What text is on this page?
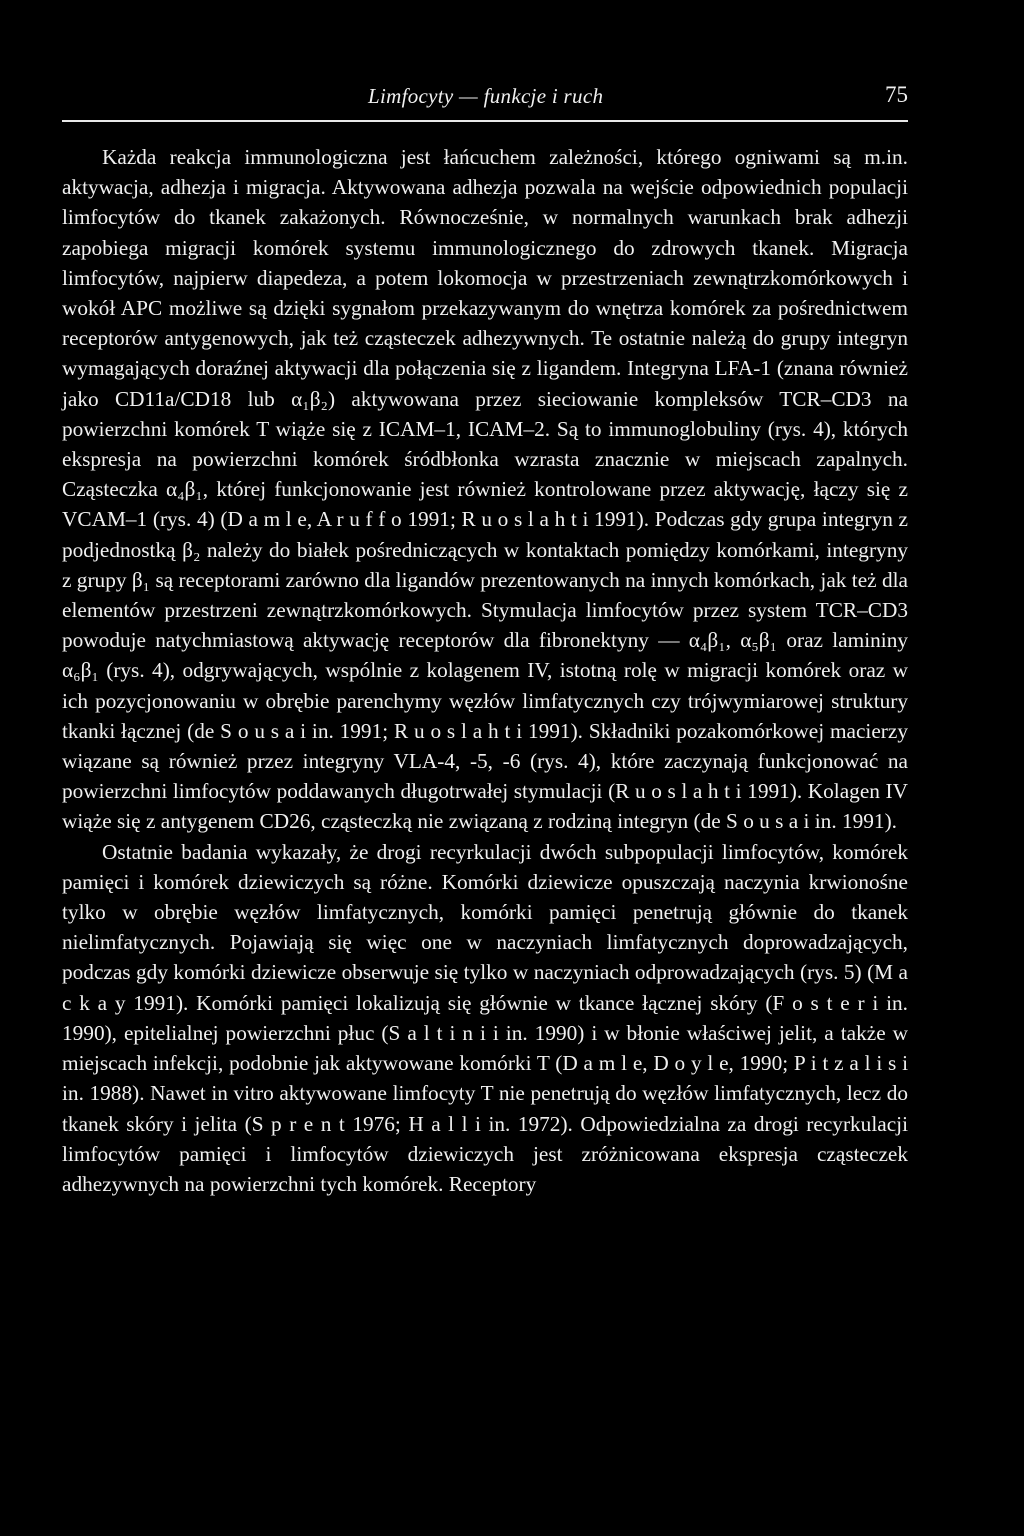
Limfocyty — funkcje i ruch	75

Każda reakcja immunologiczna jest łańcuchem zależności, którego ogniwami są m.in. aktywacja, adhezja i migracja. Aktywowana adhezja pozwala na wejście odpowiednich populacji limfocytów do tkanek zakażonych. Równocześnie, w normalnych warunkach brak adhezji zapobiega migracji komórek systemu immunologicznego do zdrowych tkanek. Migracja limfocytów, najpierw diapedeza, a potem lokomocja w przestrzeniach zewnątrzkomórkowych i wokół APC możliwe są dzięki sygnałom przekazywanym do wnętrza komórek za pośrednictwem receptorów antygenowych, jak też cząsteczek adhezywnych. Te ostatnie należą do grupy integryn wymagających doraźnej aktywacji dla połączenia się z ligandem. Integryna LFA-1 (znana również jako CD11a/CD18 lub α₁β₂) aktywowana przez sieciowanie kompleksów TCR–CD3 na powierzchni komórek T wiąże się z ICAM–1, ICAM–2. Są to immunoglobuliny (rys. 4), których ekspresja na powierzchni komórek śródbłonka wzrasta znacznie w miejscach zapalnych. Cząsteczka α₄β₁, której funkcjonowanie jest również kontrolowane przez aktywację, łączy się z VCAM–1 (rys. 4) (D a m l e, A r u f f o 1991; R u o s l a h t i 1991). Podczas gdy grupa integryn z podjednostką β₂ należy do białek pośredniczących w kontaktach pomiędzy komórkami, integryny z grupy β₁ są receptorami zarówno dla ligandów prezentowanych na innych komórkach, jak też dla elementów przestrzeni zewnątrzkomórkowych. Stymulacja limfocytów przez system TCR–CD3 powoduje natychmiastową aktywację receptorów dla fibronektyny — α₄β₁, α₅β₁ oraz lamininy α₆β₁ (rys. 4), odgrywających, wspólnie z kolagenem IV, istotną rolę w migracji komórek oraz w ich pozycjonowaniu w obrębie parenchymy węzłów limfatycznych czy trójwymiarowej struktury tkanki łącznej (de S o u s a i in. 1991; R u o s l a h t i 1991). Składniki pozakomórkowej macierzy wiązane są również przez integryny VLA-4, -5, -6 (rys. 4), które zaczynają funkcjonować na powierzchni limfocytów poddawanych długotrwałej stymulacji (R u o s l a h t i 1991). Kolagen IV wiąże się z antygenem CD26, cząsteczką nie związaną z rodziną integryn (de S o u s a i in. 1991).

Ostatnie badania wykazały, że drogi recyrkulacji dwóch subpopulacji limfocytów, komórek pamięci i komórek dziewiczych są różne. Komórki dziewicze opuszczają naczynia krwionośne tylko w obrębie węzłów limfatycznych, komórki pamięci penetrują głównie do tkanek nielimfatycznych. Pojawiają się więc one w naczyniach limfatycznych doprowadzających, podczas gdy komórki dziewicze obserwuje się tylko w naczyniach odprowadzających (rys. 5) (M a c k a y 1991). Komórki pamięci lokalizują się głównie w tkance łącznej skóry (F o s t e r i in. 1990), epitelialnej powierzchni płuc (S a l t i n i i in. 1990) i w błonie właściwej jelit, a także w miejscach infekcji, podobnie jak aktywowane komórki T (D a m l e, D o y l e, 1990; P i t z a l i s i in. 1988). Nawet in vitro aktywowane limfocyty T nie penetrują do węzłów limfatycznych, lecz do tkanek skóry i jelita (S p r e n t 1976; H a l l i in. 1972). Odpowiedzialna za drogi recyrkulacji limfocytów pamięci i limfocytów dziewiczych jest zróżnicowana ekspresja cząsteczek adhezywnych na powierzchni tych komórek. Receptory
